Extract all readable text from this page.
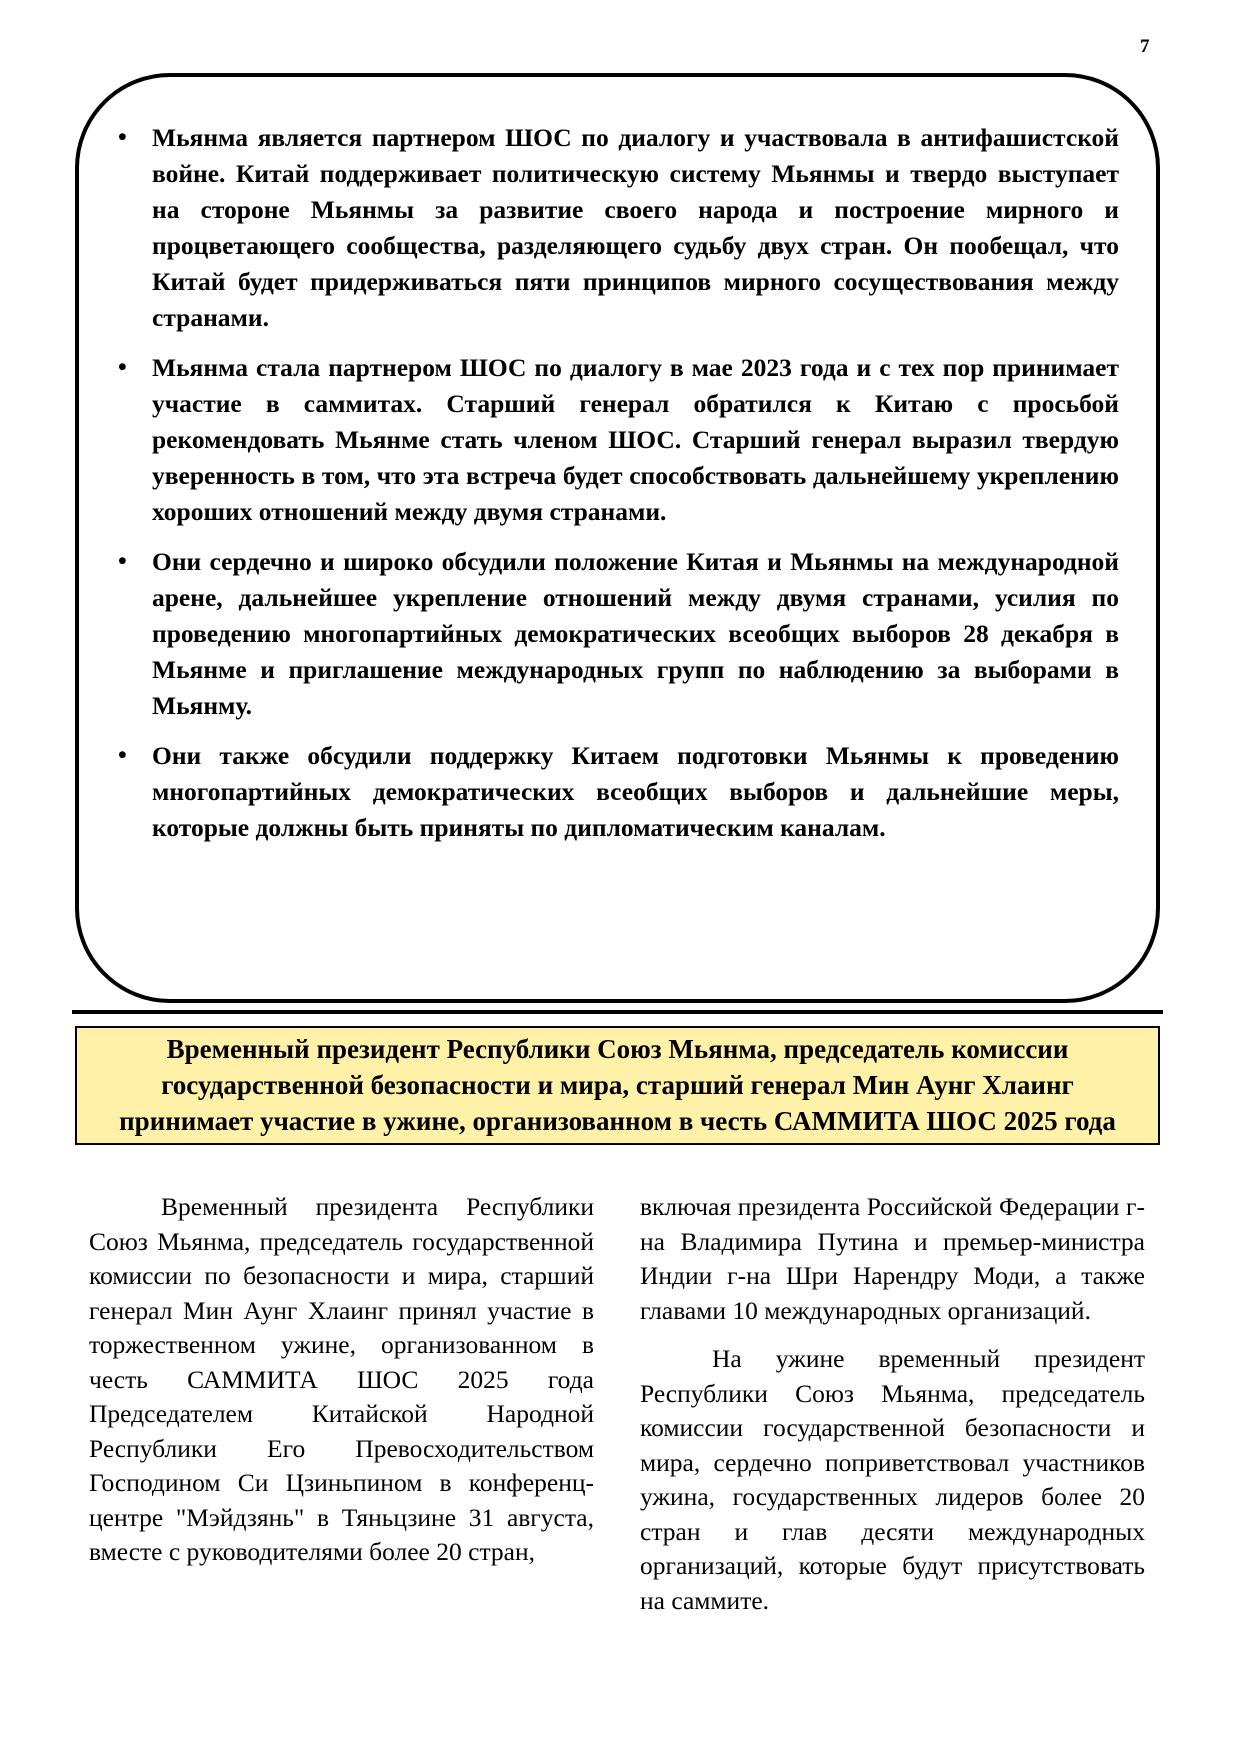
7
• Мьянма является партнером ШОС по диалогу и участвовала в антифашистской войне. Китай поддерживает политическую систему Мьянмы и твердо выступает на стороне Мьянмы за развитие своего народа и построение мирного и процветающего сообщества, разделяющего судьбу двух стран. Он пообещал, что Китай будет придерживаться пяти принципов мирного сосуществования между странами.
• Мьянма стала партнером ШОС по диалогу в мае 2023 года и с тех пор принимает участие в саммитах. Старший генерал обратился к Китаю с просьбой рекомендовать Мьянме стать членом ШОС. Старший генерал выразил твердую уверенность в том, что эта встреча будет способствовать дальнейшему укреплению хороших отношений между двумя странами.
• Они сердечно и широко обсудили положение Китая и Мьянмы на международной арене, дальнейшее укрепление отношений между двумя странами, усилия по проведению многопартийных демократических всеобщих выборов 28 декабря в Мьянме и приглашение международных групп по наблюдению за выборами в Мьянму.
• Они также обсудили поддержку Китаем подготовки Мьянмы к проведению многопартийных демократических всеобщих выборов и дальнейшие меры, которые должны быть приняты по дипломатическим каналам.
Временный президент Республики Союз Мьянма, председатель комиссии государственной безопасности и мира, старший генерал Мин Аунг Хлаинг принимает участие в ужине, организованном в честь САММИТА ШОС 2025 года

Временный президента Республики Союз Мьянма, председатель государственной комиссии по безопасности и мира, старший генерал Мин Аунг Хлаинг принял участие в торжественном ужине, организованном в честь САММИТА ШОС 2025 года Председателем Китайской Народной Республики Его Превосходительством Господином Си Цзиньпином в конференц-центре "Мэйдзянь" в Тяньцзине 31 августа, вместе с руководителями более 20 стран,

включая президента Российской Федерации г-на Владимира Путина и премьер-министра Индии г-на Шри Нарендру Моди, а также главами 10 международных организаций.

На ужине временный президент Республики Союз Мьянма, председатель комиссии государственной безопасности и мира, сердечно поприветствовал участников ужина, государственных лидеров более 20 стран и глав десяти международных организаций, которые будут присутствовать на саммите.
